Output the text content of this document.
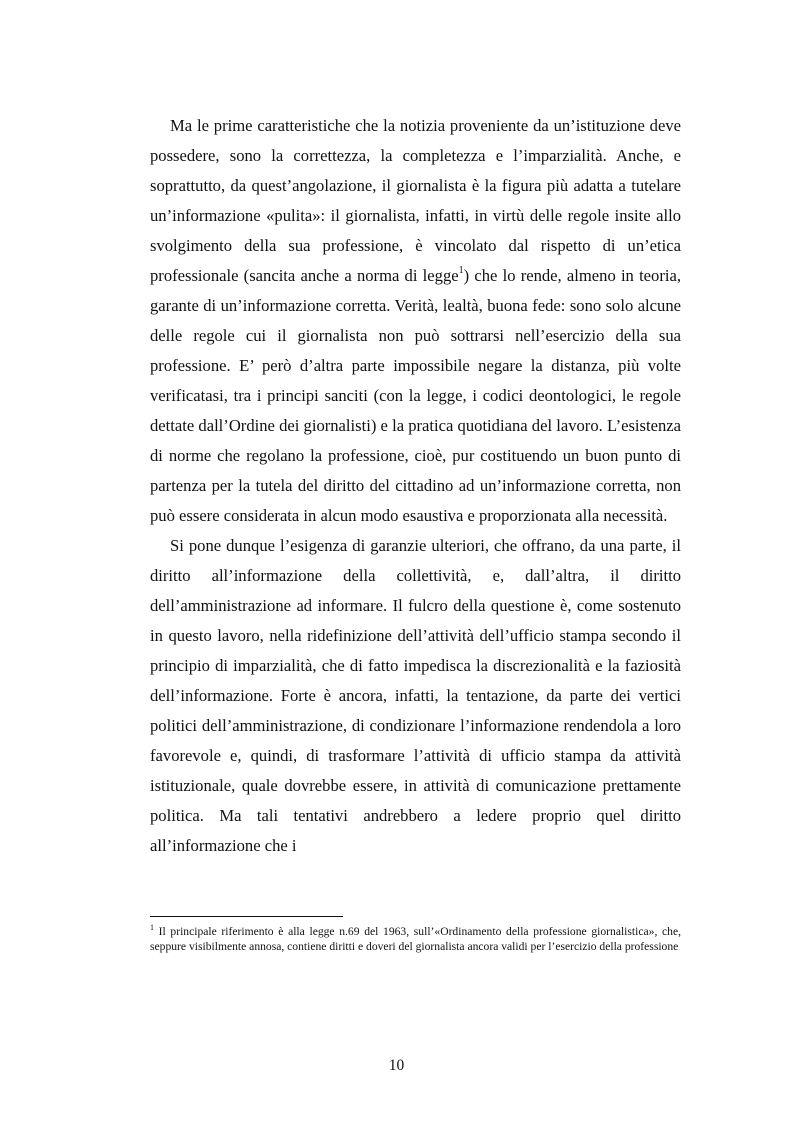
Ma le prime caratteristiche che la notizia proveniente da un’istituzione deve possedere, sono la correttezza, la completezza e l’imparzialità. Anche, e soprattutto, da quest’angolazione, il giornalista è la figura più adatta a tutelare un’informazione «pulita»: il giornalista, infatti, in virtù delle regole insite allo svolgimento della sua professione, è vincolato dal rispetto di un’etica professionale (sancita anche a norma di legge$^1$) che lo rende, almeno in teoria, garante di un’informazione corretta. Verità, lealtà, buona fede: sono solo alcune delle regole cui il giornalista non può sottrarsi nell’esercizio della sua professione. E’ però d’altra parte impossibile negare la distanza, più volte verificatasi, tra i principi sanciti (con la legge, i codici deontologici, le regole dettate dall’Ordine dei giornalisti) e la pratica quotidiana del lavoro. L’esistenza di norme che regolano la professione, cioè, pur costituendo un buon punto di partenza per la tutela del diritto del cittadino ad un’informazione corretta, non può essere considerata in alcun modo esaustiva e proporzionata alla necessità.

Si pone dunque l’esigenza di garanzie ulteriori, che offrano, da una parte, il diritto all’informazione della collettività, e, dall’altra, il diritto dell’amministrazione ad informare. Il fulcro della questione è, come sostenuto in questo lavoro, nella ridefinizione dell’attività dell’ufficio stampa secondo il principio di imparzialità, che di fatto impedisca la discrezionalità e la faziosità dell’informazione. Forte è ancora, infatti, la tentazione, da parte dei vertici politici dell’amministrazione, di condizionare l’informazione rendendola a loro favorevole e, quindi, di trasformare l’attività di ufficio stampa da attività istituzionale, quale dovrebbe essere, in attività di comunicazione prettamente politica. Ma tali tentativi andrebbero a ledere proprio quel diritto all’informazione che i

$^1$ Il principale riferimento è alla legge n.69 del 1963, sull’«Ordinamento della professione giornalistica», che, seppure visibilmente annosa, contiene diritti e doveri del giornalista ancora validi per l’esercizio della professione

10
